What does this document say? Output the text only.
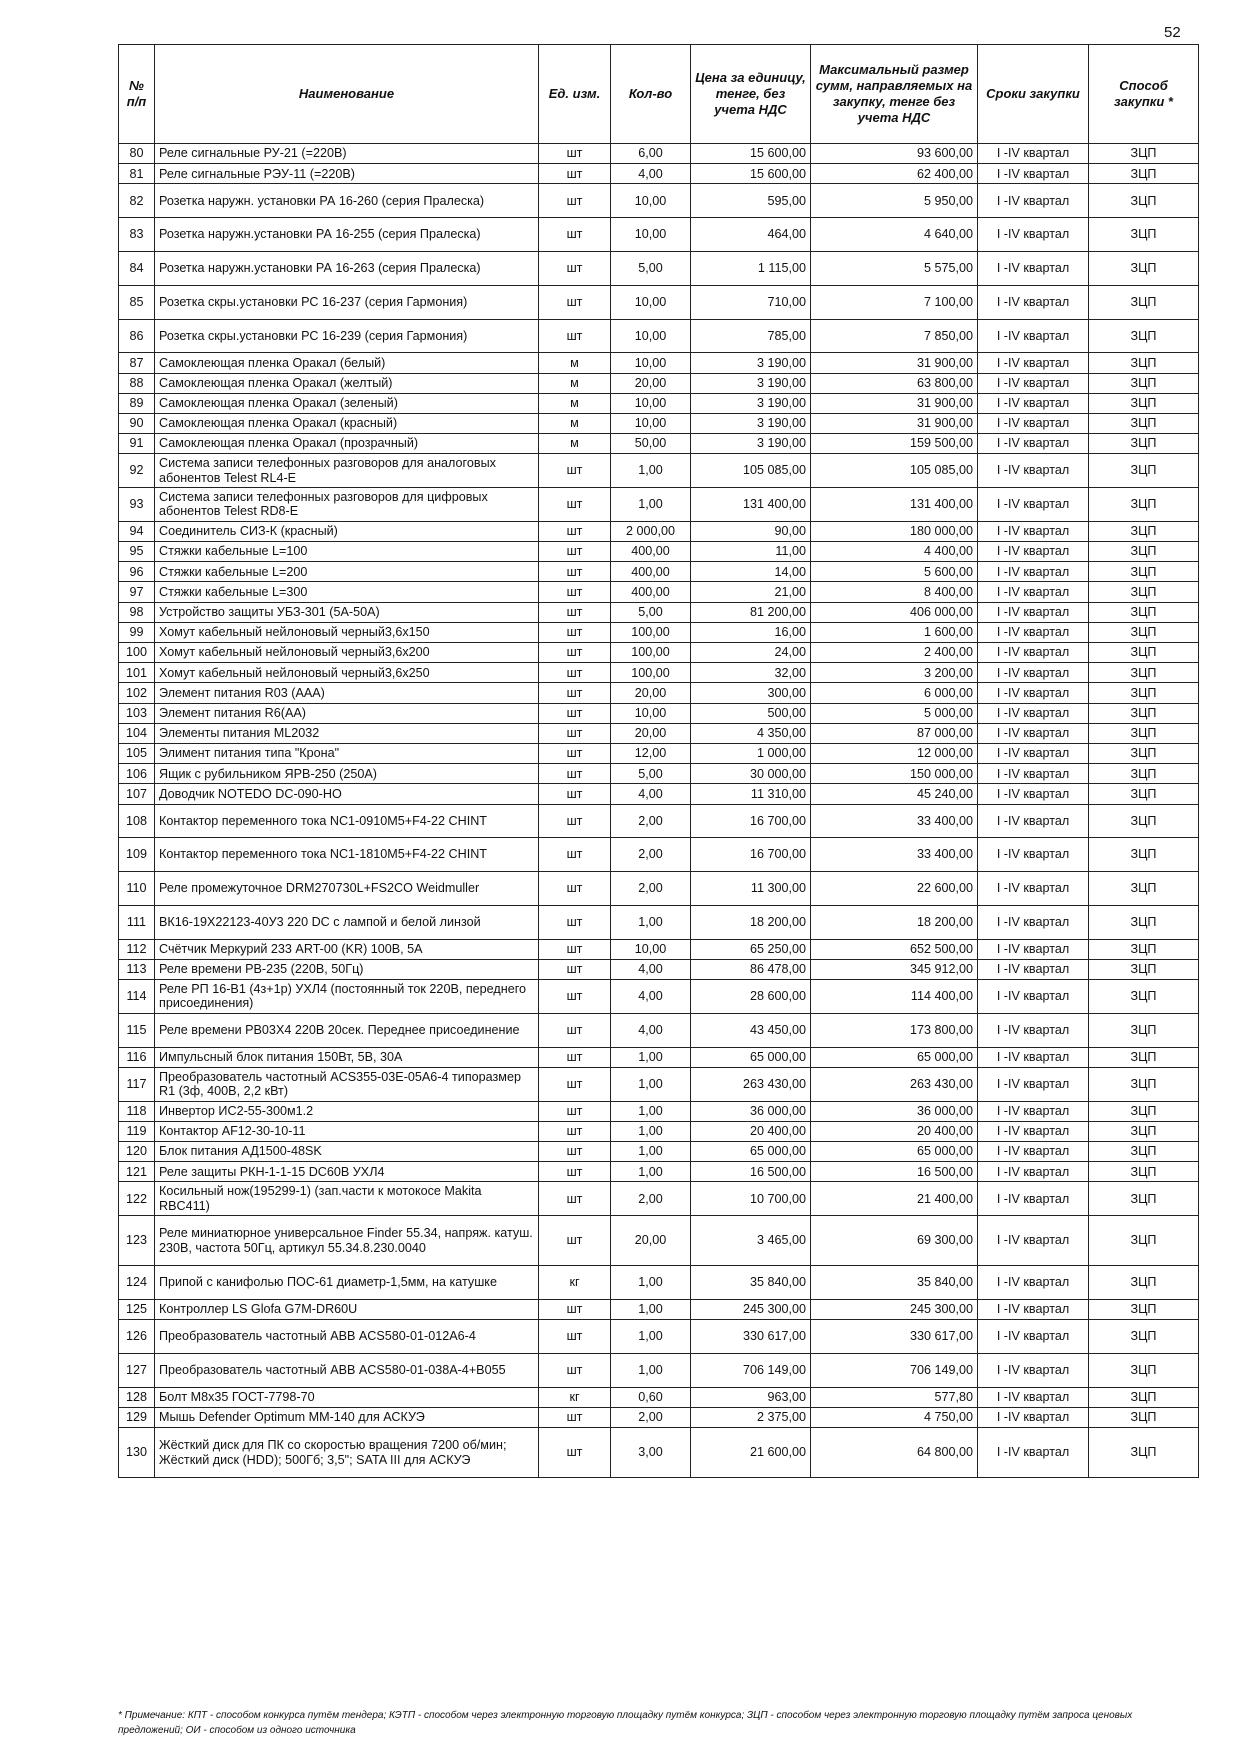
52
№ п/п	Наименование	Ед. изм.	Кол-во	Цена за единицу, тенге, без учета НДС	Максимальный размер сумм, направляемых на закупку, тенге без учета НДС	Сроки закупки	Способ закупки *
80	Реле сигнальные РУ-21 (=220В)	шт	6,00	15 600,00	93 600,00	I -IV квартал	ЗЦП
81	Реле сигнальные РЭУ-11 (=220В)	шт	4,00	15 600,00	62 400,00	I -IV квартал	ЗЦП
82	Розетка наружн. установки РА 16-260 (серия Пралеска)	шт	10,00	595,00	5 950,00	I -IV квартал	ЗЦП
83	Розетка наружн.установки РА 16-255 (серия Пралеска)	шт	10,00	464,00	4 640,00	I -IV квартал	ЗЦП
84	Розетка наружн.установки РА 16-263 (серия Пралеска)	шт	5,00	1 115,00	5 575,00	I -IV квартал	ЗЦП
85	Розетка скры.установки РС 16-237 (серия Гармония)	шт	10,00	710,00	7 100,00	I -IV квартал	ЗЦП
86	Розетка скры.установки РС 16-239 (серия Гармония)	шт	10,00	785,00	7 850,00	I -IV квартал	ЗЦП
87	Самоклеющая пленка Оракал (белый)	м	10,00	3 190,00	31 900,00	I -IV квартал	ЗЦП
88	Самоклеющая пленка Оракал (желтый)	м	20,00	3 190,00	63 800,00	I -IV квартал	ЗЦП
89	Самоклеющая пленка Оракал (зеленый)	м	10,00	3 190,00	31 900,00	I -IV квартал	ЗЦП
90	Самоклеющая пленка Оракал (красный)	м	10,00	3 190,00	31 900,00	I -IV квартал	ЗЦП
91	Самоклеющая пленка Оракал (прозрачный)	м	50,00	3 190,00	159 500,00	I -IV квартал	ЗЦП
92	Система записи телефонных разговоров для аналоговых абонентов Telest RL4-E	шт	1,00	105 085,00	105 085,00	I -IV квартал	ЗЦП
93	Система записи телефонных разговоров для цифровых абонентов Telest RD8-E	шт	1,00	131 400,00	131 400,00	I -IV квартал	ЗЦП
94	Соединитель СИЗ-К (красный)	шт	2 000,00	90,00	180 000,00	I -IV квартал	ЗЦП
95	Стяжки кабельные L=100	шт	400,00	11,00	4 400,00	I -IV квартал	ЗЦП
96	Стяжки кабельные L=200	шт	400,00	14,00	5 600,00	I -IV квартал	ЗЦП
97	Стяжки кабельные L=300	шт	400,00	21,00	8 400,00	I -IV квартал	ЗЦП
98	Устройство защиты УБЗ-301 (5А-50А)	шт	5,00	81 200,00	406 000,00	I -IV квартал	ЗЦП
99	Хомут кабельный нейлоновый черный3,6х150	шт	100,00	16,00	1 600,00	I -IV квартал	ЗЦП
100	Хомут кабельный нейлоновый черный3,6х200	шт	100,00	24,00	2 400,00	I -IV квартал	ЗЦП
101	Хомут кабельный нейлоновый черный3,6х250	шт	100,00	32,00	3 200,00	I -IV квартал	ЗЦП
102	Элемент питания R03 (AAA)	шт	20,00	300,00	6 000,00	I -IV квартал	ЗЦП
103	Элемент питания R6(AA)	шт	10,00	500,00	5 000,00	I -IV квартал	ЗЦП
104	Элементы питания ML2032	шт	20,00	4 350,00	87 000,00	I -IV квартал	ЗЦП
105	Элимент питания типа "Крона"	шт	12,00	1 000,00	12 000,00	I -IV квартал	ЗЦП
106	Ящик с рубильником ЯРВ-250 (250А)	шт	5,00	30 000,00	150 000,00	I -IV квартал	ЗЦП
107	Доводчик NOTEDO DC-090-HO	шт	4,00	11 310,00	45 240,00	I -IV квартал	ЗЦП
108	Контактор переменного тока NC1-0910M5+F4-22 CHINT	шт	2,00	16 700,00	33 400,00	I -IV квартал	ЗЦП
109	Контактор переменного тока NC1-1810M5+F4-22 CHINT	шт	2,00	16 700,00	33 400,00	I -IV квартал	ЗЦП
110	Реле промежуточное DRM270730L+FS2CO Weidmuller	шт	2,00	11 300,00	22 600,00	I -IV квартал	ЗЦП
111	ВК16-19Х22123-40У3 220 DC с лампой и белой линзой	шт	1,00	18 200,00	18 200,00	I -IV квартал	ЗЦП
112	Счётчик Меркурий 233 ART-00 (KR) 100В, 5А	шт	10,00	65 250,00	652 500,00	I -IV квартал	ЗЦП
113	Реле времени РВ-235 (220В, 50Гц)	шт	4,00	86 478,00	345 912,00	I -IV квартал	ЗЦП
114	Реле РП 16-В1 (4з+1р) УХЛ4 (постоянный ток 220В, переднего присоединения)	шт	4,00	28 600,00	114 400,00	I -IV квартал	ЗЦП
115	Реле времени РВ03Х4 220В 20сек. Переднее присоединение	шт	4,00	43 450,00	173 800,00	I -IV квартал	ЗЦП
116	Импульсный блок питания 150Вт, 5В, 30А	шт	1,00	65 000,00	65 000,00	I -IV квартал	ЗЦП
117	Преобразователь частотный ACS355-03E-05A6-4 типоразмер R1 (3ф, 400В, 2,2 кВт)	шт	1,00	263 430,00	263 430,00	I -IV квартал	ЗЦП
118	Инвертор ИС2-55-300м1.2	шт	1,00	36 000,00	36 000,00	I -IV квартал	ЗЦП
119	Контактор АF12-30-10-11	шт	1,00	20 400,00	20 400,00	I -IV квартал	ЗЦП
120	Блок питания АД1500-48SK	шт	1,00	65 000,00	65 000,00	I -IV квартал	ЗЦП
121	Реле защиты РКН-1-1-15 DC60В УХЛ4	шт	1,00	16 500,00	16 500,00	I -IV квартал	ЗЦП
122	Косильный нож(195299-1) (зап.части к мотокосе Makita RBC411)	шт	2,00	10 700,00	21 400,00	I -IV квартал	ЗЦП
123	Реле миниатюрное универсальное Finder 55.34, напряж. катуш. 230В, частота 50Гц, артикул 55.34.8.230.0040	шт	20,00	3 465,00	69 300,00	I -IV квартал	ЗЦП
124	Припой с канифолью ПОС-61 диаметр-1,5мм, на катушке	кг	1,00	35 840,00	35 840,00	I -IV квартал	ЗЦП
125	Контроллер LS Glofa G7M-DR60U	шт	1,00	245 300,00	245 300,00	I -IV квартал	ЗЦП
126	Преобразователь частотный АВВ ACS580-01-012A6-4	шт	1,00	330 617,00	330 617,00	I -IV квартал	ЗЦП
127	Преобразователь частотный АВВ ACS580-01-038A-4+B055	шт	1,00	706 149,00	706 149,00	I -IV квартал	ЗЦП
128	Болт М8х35 ГОСТ-7798-70	кг	0,60	963,00	577,80	I -IV квартал	ЗЦП
129	Мышь Defender Optimum MM-140 для АСКУЭ	шт	2,00	2 375,00	4 750,00	I -IV квартал	ЗЦП
130	Жёсткий диск для ПК со скоростью вращения 7200 об/мин; Жёсткий диск (HDD); 500Гб; 3,5"; SATA III для АСКУЭ	шт	3,00	21 600,00	64 800,00	I -IV квартал	ЗЦП
* Примечание: КПТ - способом конкурса путём тендера; КЭТП - способом через электронную торговую площадку путём конкурса; ЗЦП - способом через электронную торговую площадку путём запроса ценовых предложений; ОИ - способом из одного источника
